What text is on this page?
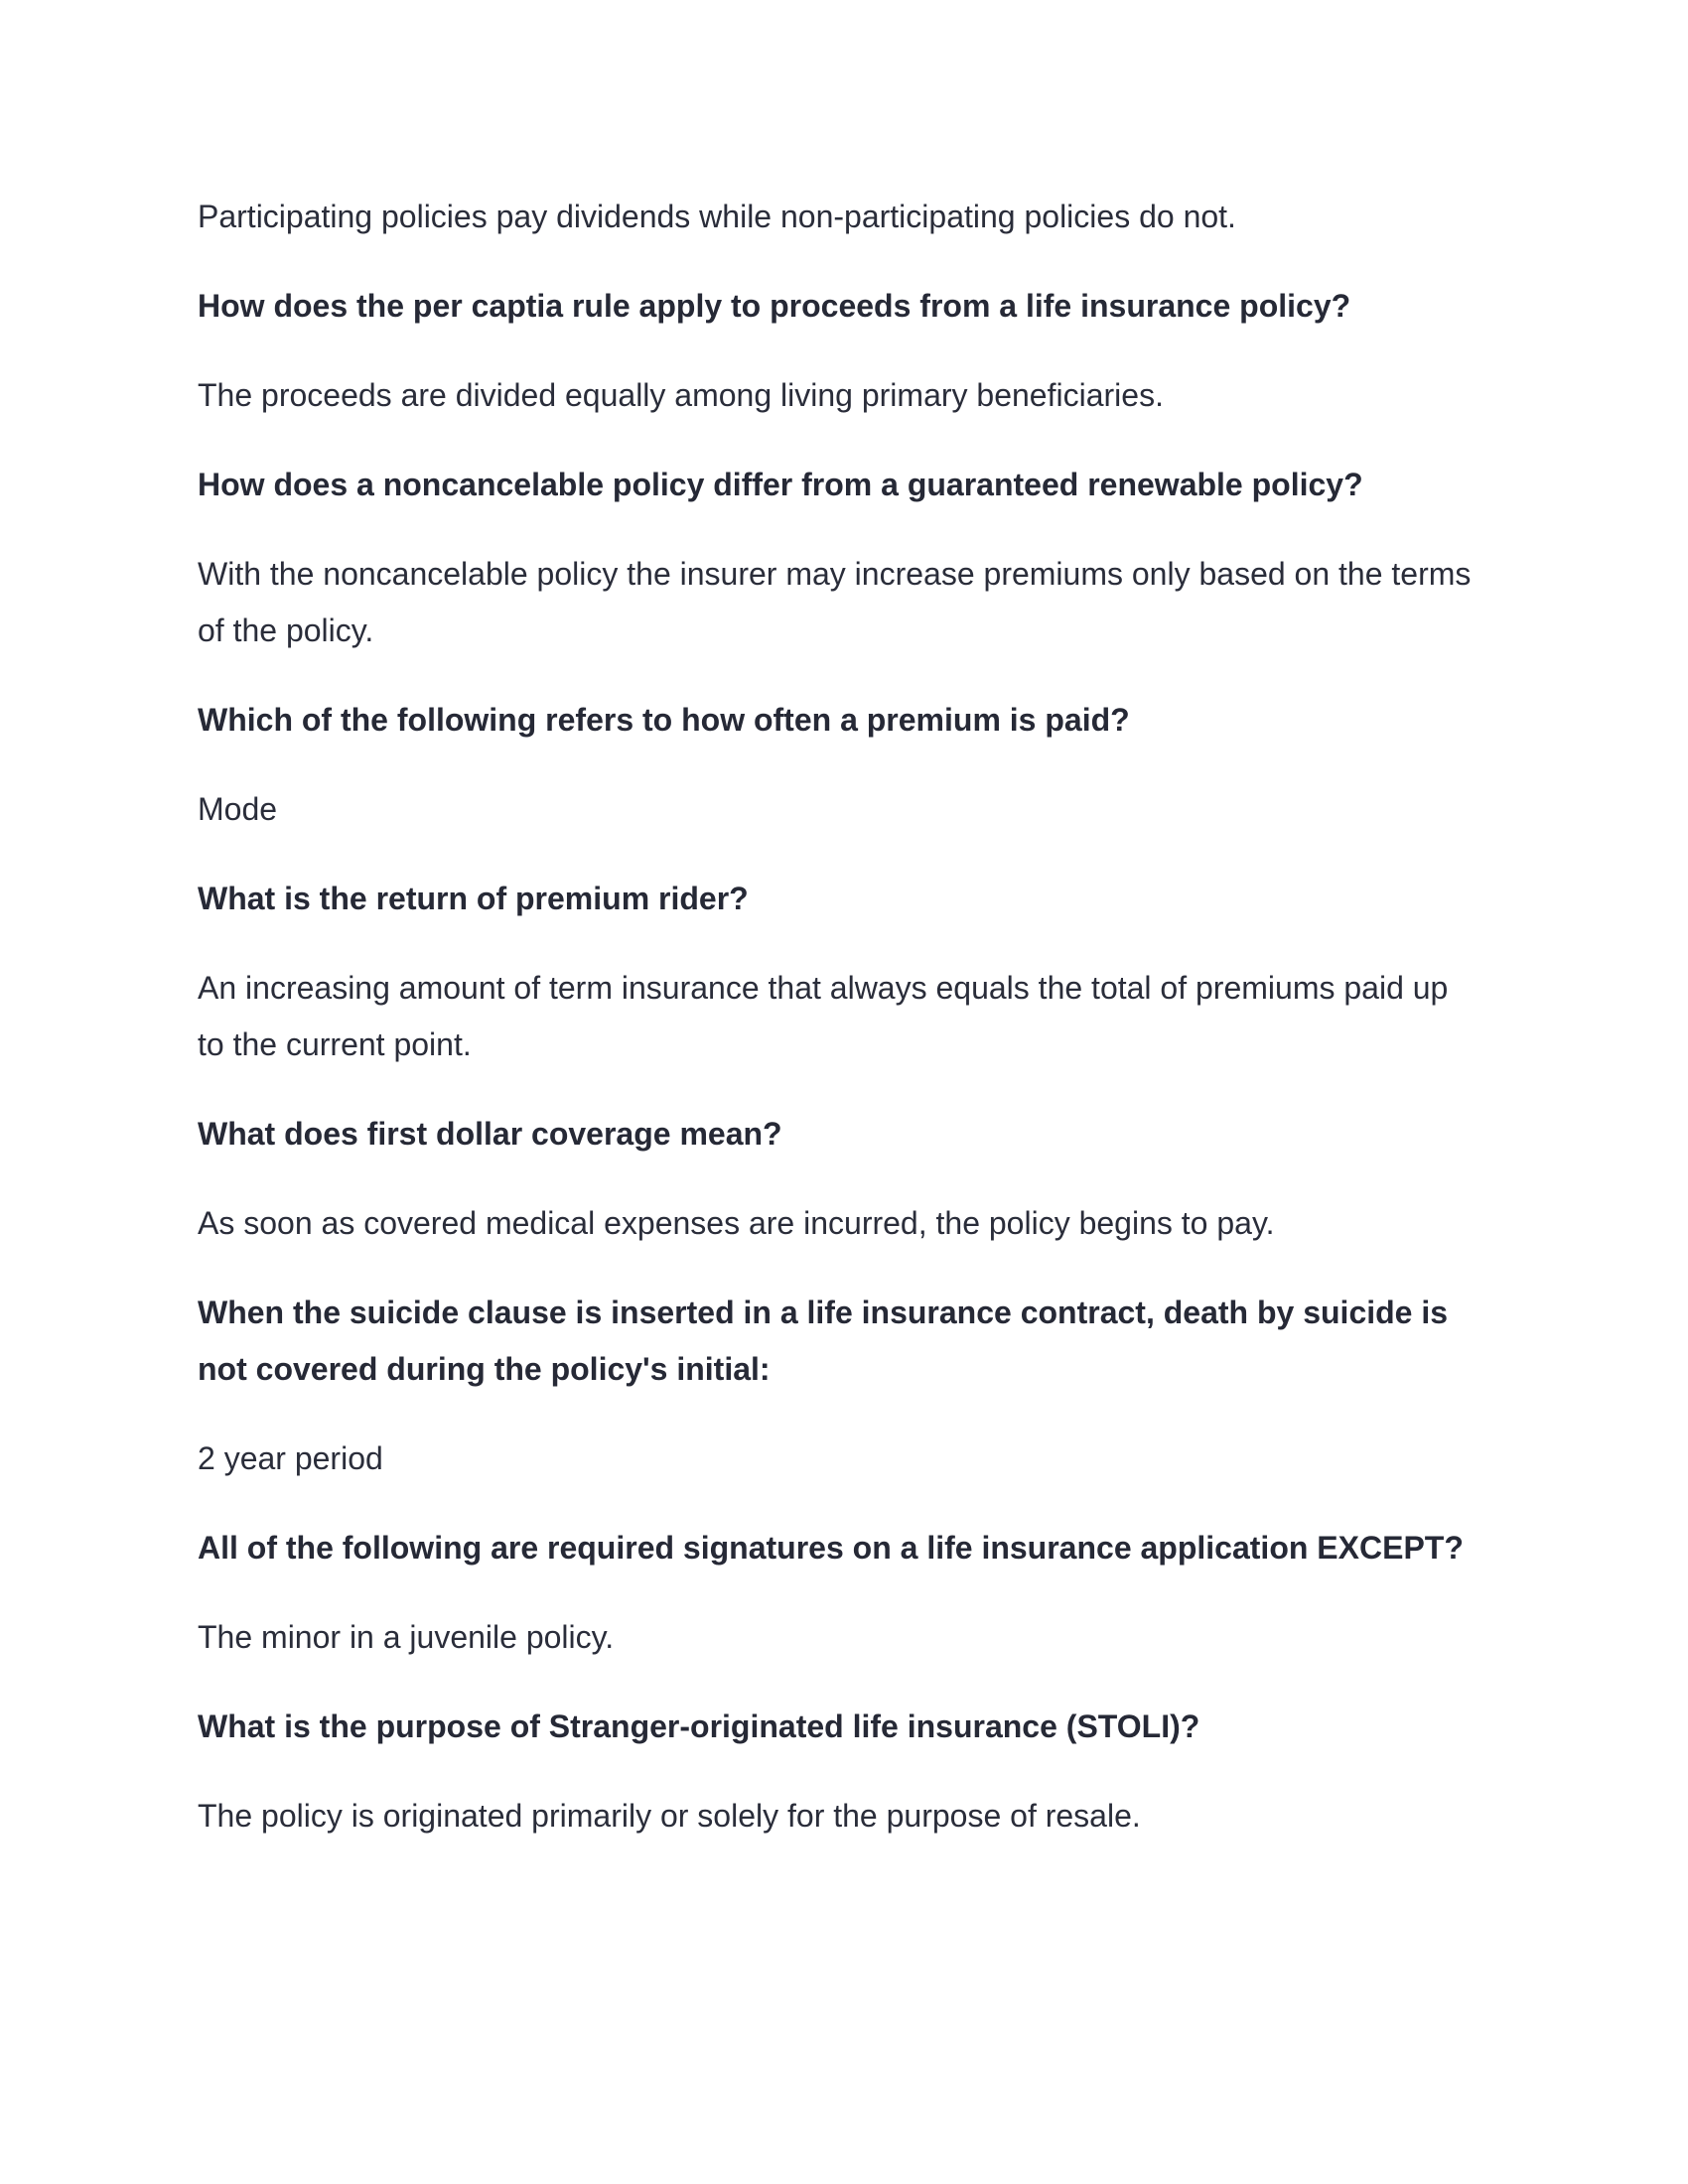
Participating policies pay dividends while non-participating policies do not.

How does the per captia rule apply to proceeds from a life insurance policy?

The proceeds are divided equally among living primary beneficiaries.

How does a noncancelable policy differ from a guaranteed renewable policy?

With the noncancelable policy the insurer may increase premiums only based on the terms of the policy.

Which of the following refers to how often a premium is paid?

Mode

What is the return of premium rider?

An increasing amount of term insurance that always equals the total of premiums paid up to the current point.

What does first dollar coverage mean?

As soon as covered medical expenses are incurred, the policy begins to pay.

When the suicide clause is inserted in a life insurance contract, death by suicide is not covered during the policy's initial:

2 year period

All of the following are required signatures on a life insurance application EXCEPT?

The minor in a juvenile policy.

What is the purpose of Stranger-originated life insurance (STOLI)?

The policy is originated primarily or solely for the purpose of resale.
